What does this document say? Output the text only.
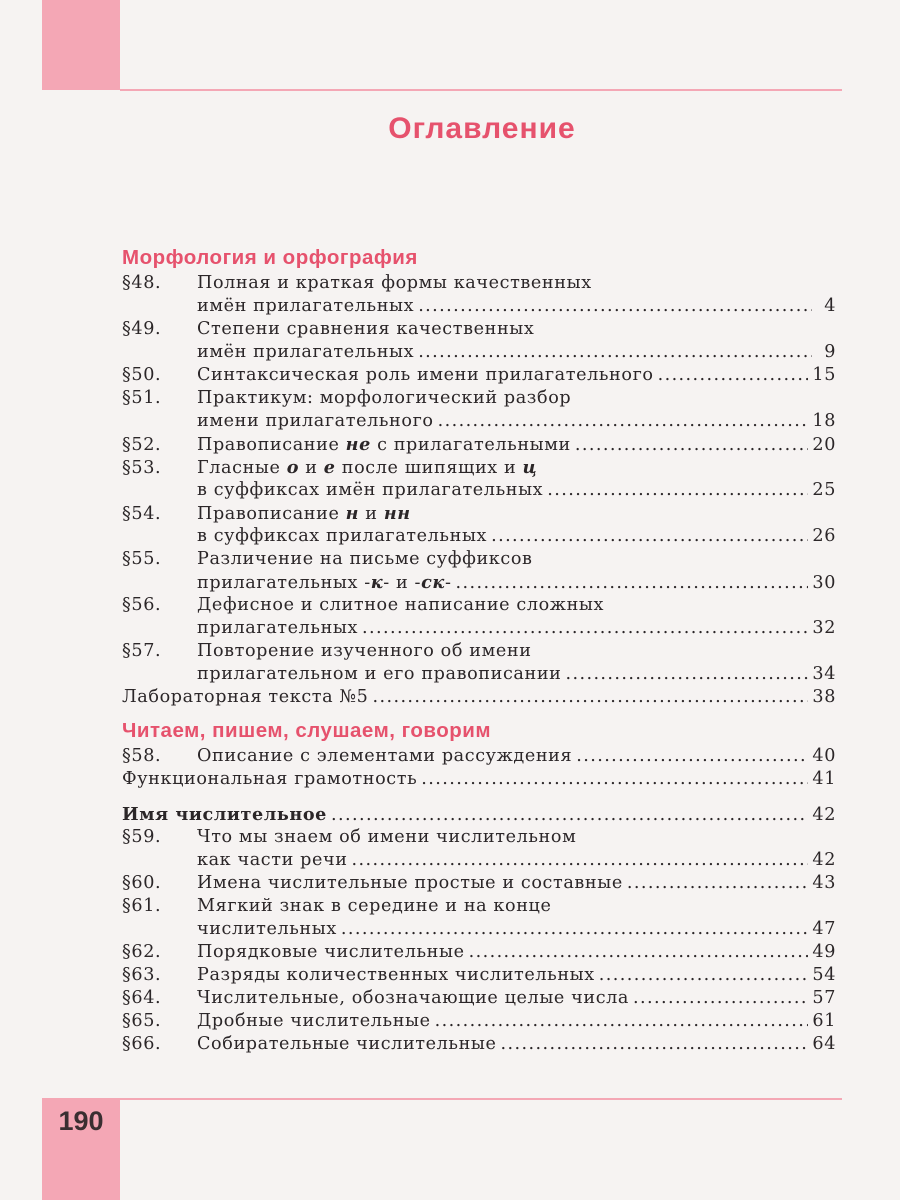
Оглавление
Морфология и орфография
§48.	Полная и краткая формы качественных
имён прилагательных .....	4
§49.	Степени сравнения качественных
имён прилагательных .....	9
§50.	Синтаксическая роль имени прилагательного .....	15
§51.	Практикум: морфологический разбор
имени прилагательного .....	18
§52.	Правописание не с прилагательными .....	20
§53.	Гласные о и е после шипящих и ц
в суффиксах имён прилагательных .....	25
§54.	Правописание н и нн
в суффиксах прилагательных .....	26
§55.	Различение на письме суффиксов
прилагательных -к- и -ск- .....	30
§56.	Дефисное и слитное написание сложных
прилагательных .....	32
§57.	Повторение изученного об имени
прилагательном и его правописании .....	34
Лабораторная текста №5 .....	38
Читаем, пишем, слушаем, говорим
§58.	Описание с элементами рассуждения .....	40
Функциональная грамотность .....	41
Имя числительное .....	42
§59.	Что мы знаем об имени числительном
как части речи .....	42
§60.	Имена числительные простые и составные .....	43
§61.	Мягкий знак в середине и на конце
числительных .....	47
§62.	Порядковые числительные .....	49
§63.	Разряды количественных числительных .....	54
§64.	Числительные, обозначающие целые числа .....	57
§65.	Дробные числительные .....	61
§66.	Собирательные числительные .....	64
190
